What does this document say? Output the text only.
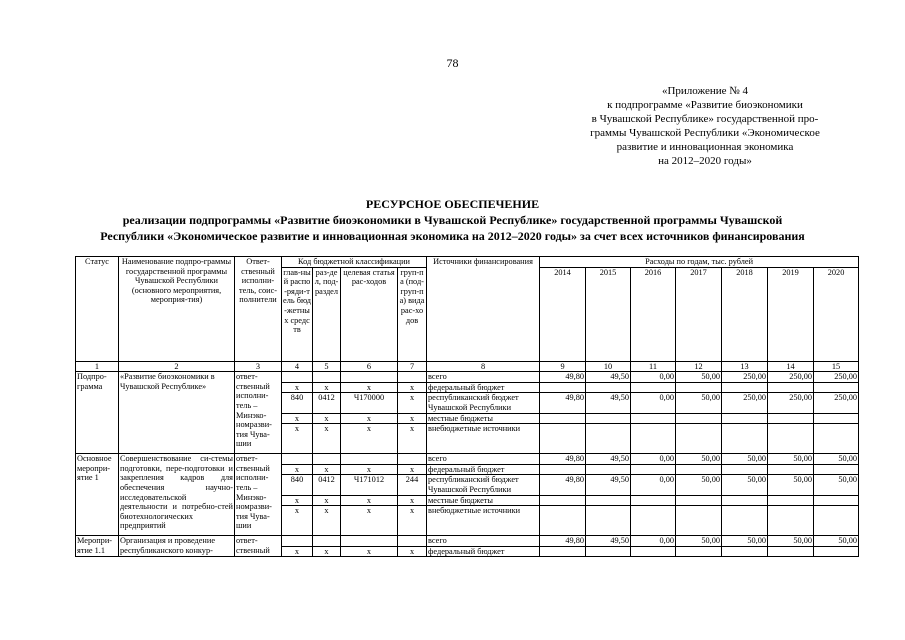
78
«Приложение № 4
к подпрограмме «Развитие биоэкономики
в Чувашской Республике» государственной про-
граммы Чувашской Республики «Экономическое
развитие и инновационная экономика
на 2012–2020 годы»
РЕСУРСНОЕ ОБЕСПЕЧЕНИЕ
реализации подпрограммы «Развитие биоэкономики в Чувашской Республике» государственной программы Чувашской
Республики «Экономическое развитие и инновационная экономика на 2012–2020 годы» за счет всех источников финансирования
Статус	Наименование подпро-граммы государственной программы Чувашской Республики (основного мероприятия, мероприя-тия)	Ответ-ственный исполни-тель, соис-полнители	Код бюджетной классификации				Источники финансирования	Расходы по годам, тыс. рублей						
			глав-ный распо-ряди-тель бюд-жетных средств	раз-дел, под-раздел	целевая статья рас-ходов	груп-па (под-груп-па) вида рас-ходов		2014	2015	2016	2017	2018	2019	2020
1	2	3	4	5	6	7	8	9	10	11	12	13	14	15
Подпро-грамма	«Развитие биоэкономики в Чувашской Республике»	ответ-ственный исполни-тель – Минэко-номразви-тия Чува-шии					всего	49,80	49,50	0,00	50,00	250,00	250,00	250,00
			х	х	х	х	федеральный бюджет							
			840	0412	Ч170000	х	республиканский бюджет Чувашской Республики	49,80	49,50	0,00	50,00	250,00	250,00	250,00
			х	х	х	х	местные бюджеты							
			х	х	х	х	внебюджетные источники							
Основное меропри-ятие 1	Совершенствование си-стемы подготовки, пере-подготовки и закрепления кадров для обеспечения научно-исследовательской деятельности и потребно-стей биотехнологических предприятий	ответ-ственный исполни-тель – Минэко-номразви-тия Чува-шии					всего	49,80	49,50	0,00	50,00	50,00	50,00	50,00
			х	х	х	х	федеральный бюджет							
			840	0412	Ч171012	244	республиканский бюджет Чувашской Республики	49,80	49,50	0,00	50,00	50,00	50,00	50,00
			х	х	х	х	местные бюджеты							
			х	х	х	х	внебюджетные источники							
Меропри-ятие 1.1	Организация и проведение республиканского конкур-	ответ-ственный					всего	49,80	49,50	0,00	50,00	50,00	50,00	50,00
			х	х	х	х	федеральный бюджет							
